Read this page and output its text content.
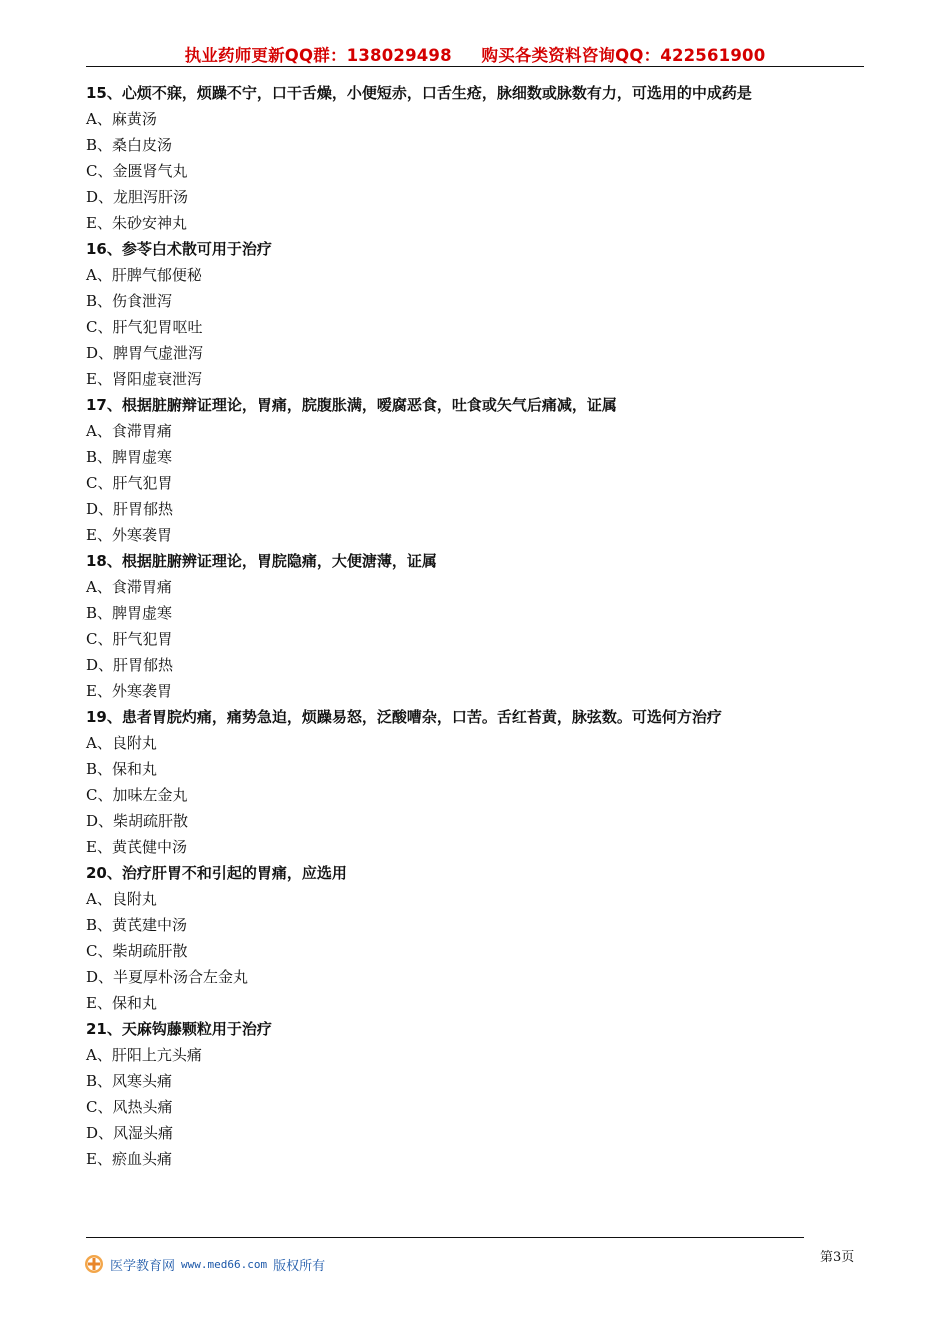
执业药师更新QQ群：138029498     购买各类资料咨询QQ：422561900
15、心烦不寐，烦躁不宁，口干舌燥，小便短赤，口舌生疮，脉细数或脉数有力，可选用的中成药是
A、麻黄汤
B、桑白皮汤
C、金匮肾气丸
D、龙胆泻肝汤
E、朱砂安神丸
16、参苓白术散可用于治疗
A、肝脾气郁便秘
B、伤食泄泻
C、肝气犯胃呕吐
D、脾胃气虚泄泻
E、肾阳虚衰泄泻
17、根据脏腑辩证理论，胃痛，脘腹胀满，嗳腐恶食，吐食或矢气后痛减，证属
A、食滞胃痛
B、脾胃虚寒
C、肝气犯胃
D、肝胃郁热
E、外寒袭胃
18、根据脏腑辨证理论，胃脘隐痛，大便溏薄，证属
A、食滞胃痛
B、脾胃虚寒
C、肝气犯胃
D、肝胃郁热
E、外寒袭胃
19、患者胃脘灼痛，痛势急迫，烦躁易怒，泛酸嘈杂，口苦。舌红苔黄，脉弦数。可选何方治疗
A、良附丸
B、保和丸
C、加味左金丸
D、柴胡疏肝散
E、黄芪健中汤
20、治疗肝胃不和引起的胃痛，应选用
A、良附丸
B、黄芪建中汤
C、柴胡疏肝散
D、半夏厚朴汤合左金丸
E、保和丸
21、天麻钩藤颗粒用于治疗
A、肝阳上亢头痛
B、风寒头痛
C、风热头痛
D、风湿头痛
E、瘀血头痛
第3页
医学教育网 www.med66.com 版权所有
